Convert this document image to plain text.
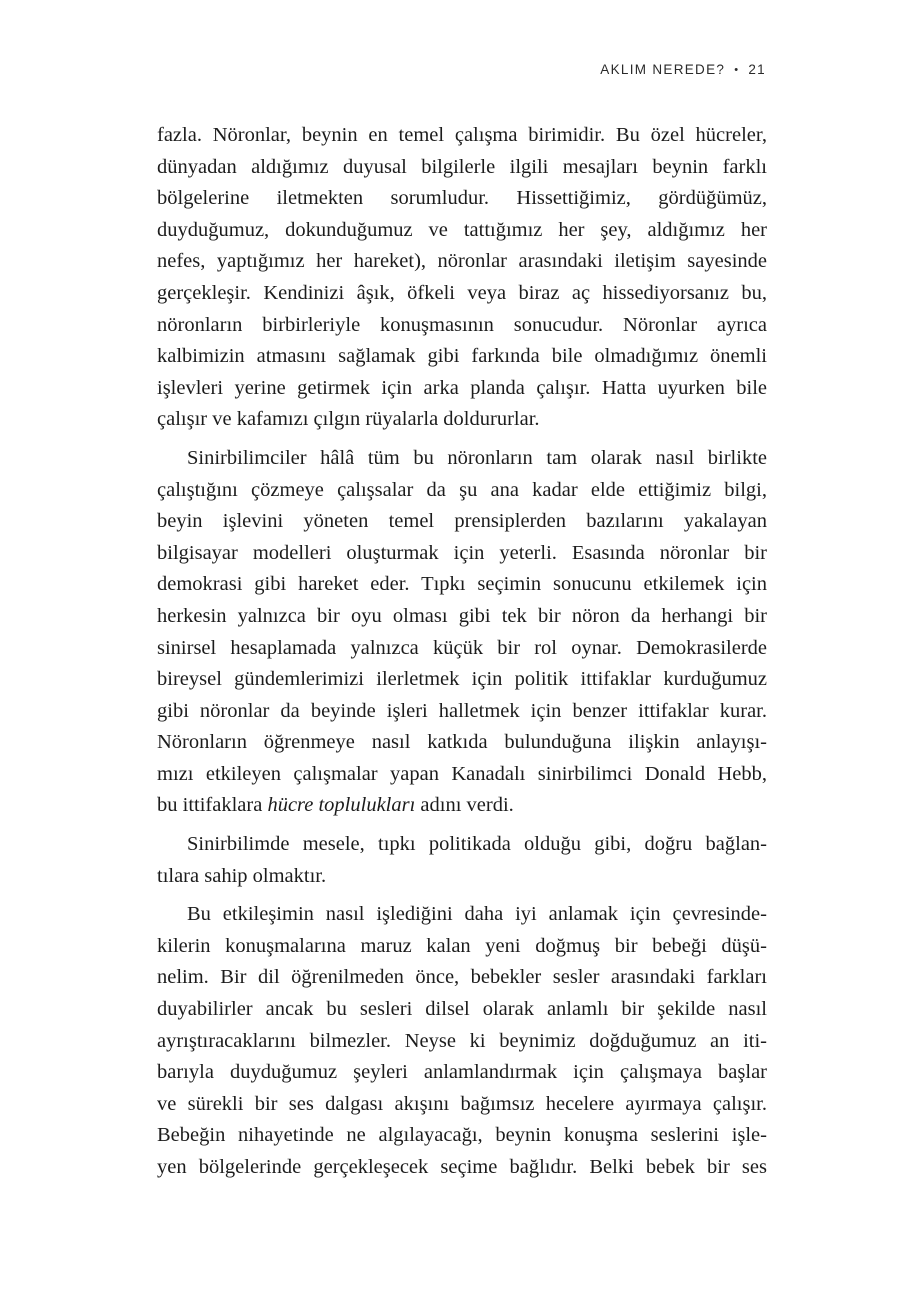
AKLIM NEREDE? • 21

fazla. Nöronlar, beynin en temel çalışma birimidir. Bu özel hücreler,
dünyadan aldığımız duyusal bilgilerle ilgili mesajları beynin farklı
bölgelerine iletmekten sorumludur. Hissettiğimiz, gördüğümüz,
duyduğumuz, dokunduğumuz ve tattığımız her şey, aldığımız her
nefes, yaptığımız her hareket), nöronlar arasındaki iletişim sayesinde
gerçekleşir. Kendinizi âşık, öfkeli veya biraz aç hissediyorsanız bu,
nöronların birbirleriyle konuşmasının sonucudur. Nöronlar ayrıca
kalbimizin atmasını sağlamak gibi farkında bile olmadığımız önemli
işlevleri yerine getirmek için arka planda çalışır. Hatta uyurken bile
çalışır ve kafamızı çılgın rüyalarla doldururlar.

Sinirbilimciler hâlâ tüm bu nöronların tam olarak nasıl birlikte
çalıştığını çözmeye çalışsalar da şu ana kadar elde ettiğimiz bilgi,
beyin işlevini yöneten temel prensiplerden bazılarını yakalayan
bilgisayar modelleri oluşturmak için yeterli. Esasında nöronlar bir
demokrasi gibi hareket eder. Tıpkı seçimin sonucunu etkilemek için
herkesin yalnızca bir oyu olması gibi tek bir nöron da herhangi bir
sinirsel hesaplamada yalnızca küçük bir rol oynar. Demokrasilerde
bireysel gündemlerimizi ilerletmek için politik ittifaklar kurduğumuz
gibi nöronlar da beyinde işleri halletmek için benzer ittifaklar kurar.
Nöronların öğrenmeye nasıl katkıda bulunduğuna ilişkin anlayışı-
mızı etkileyen çalışmalar yapan Kanadalı sinirbilimci Donald Hebb,
bu ittifaklara hücre toplulukları adını verdi.

Sinirbilimde mesele, tıpkı politikada olduğu gibi, doğru bağlan-
tılara sahip olmaktır.

Bu etkileşimin nasıl işlediğini daha iyi anlamak için çevresinde-
kilerin konuşmalarına maruz kalan yeni doğmuş bir bebeği düşü-
nelim. Bir dil öğrenilmeden önce, bebekler sesler arasındaki farkları
duyabilirler ancak bu sesleri dilsel olarak anlamlı bir şekilde nasıl
ayrıştıracaklarını bilmezler. Neyse ki beynimiz doğduğumuz an iti-
barıyla duyduğumuz şeyleri anlamlandırmak için çalışmaya başlar
ve sürekli bir ses dalgası akışını bağımsız hecelere ayırmaya çalışır.
Bebeğin nihayetinde ne algılayacağı, beynin konuşma seslerini işle-
yen bölgelerinde gerçekleşecek seçime bağlıdır. Belki bebek bir ses
